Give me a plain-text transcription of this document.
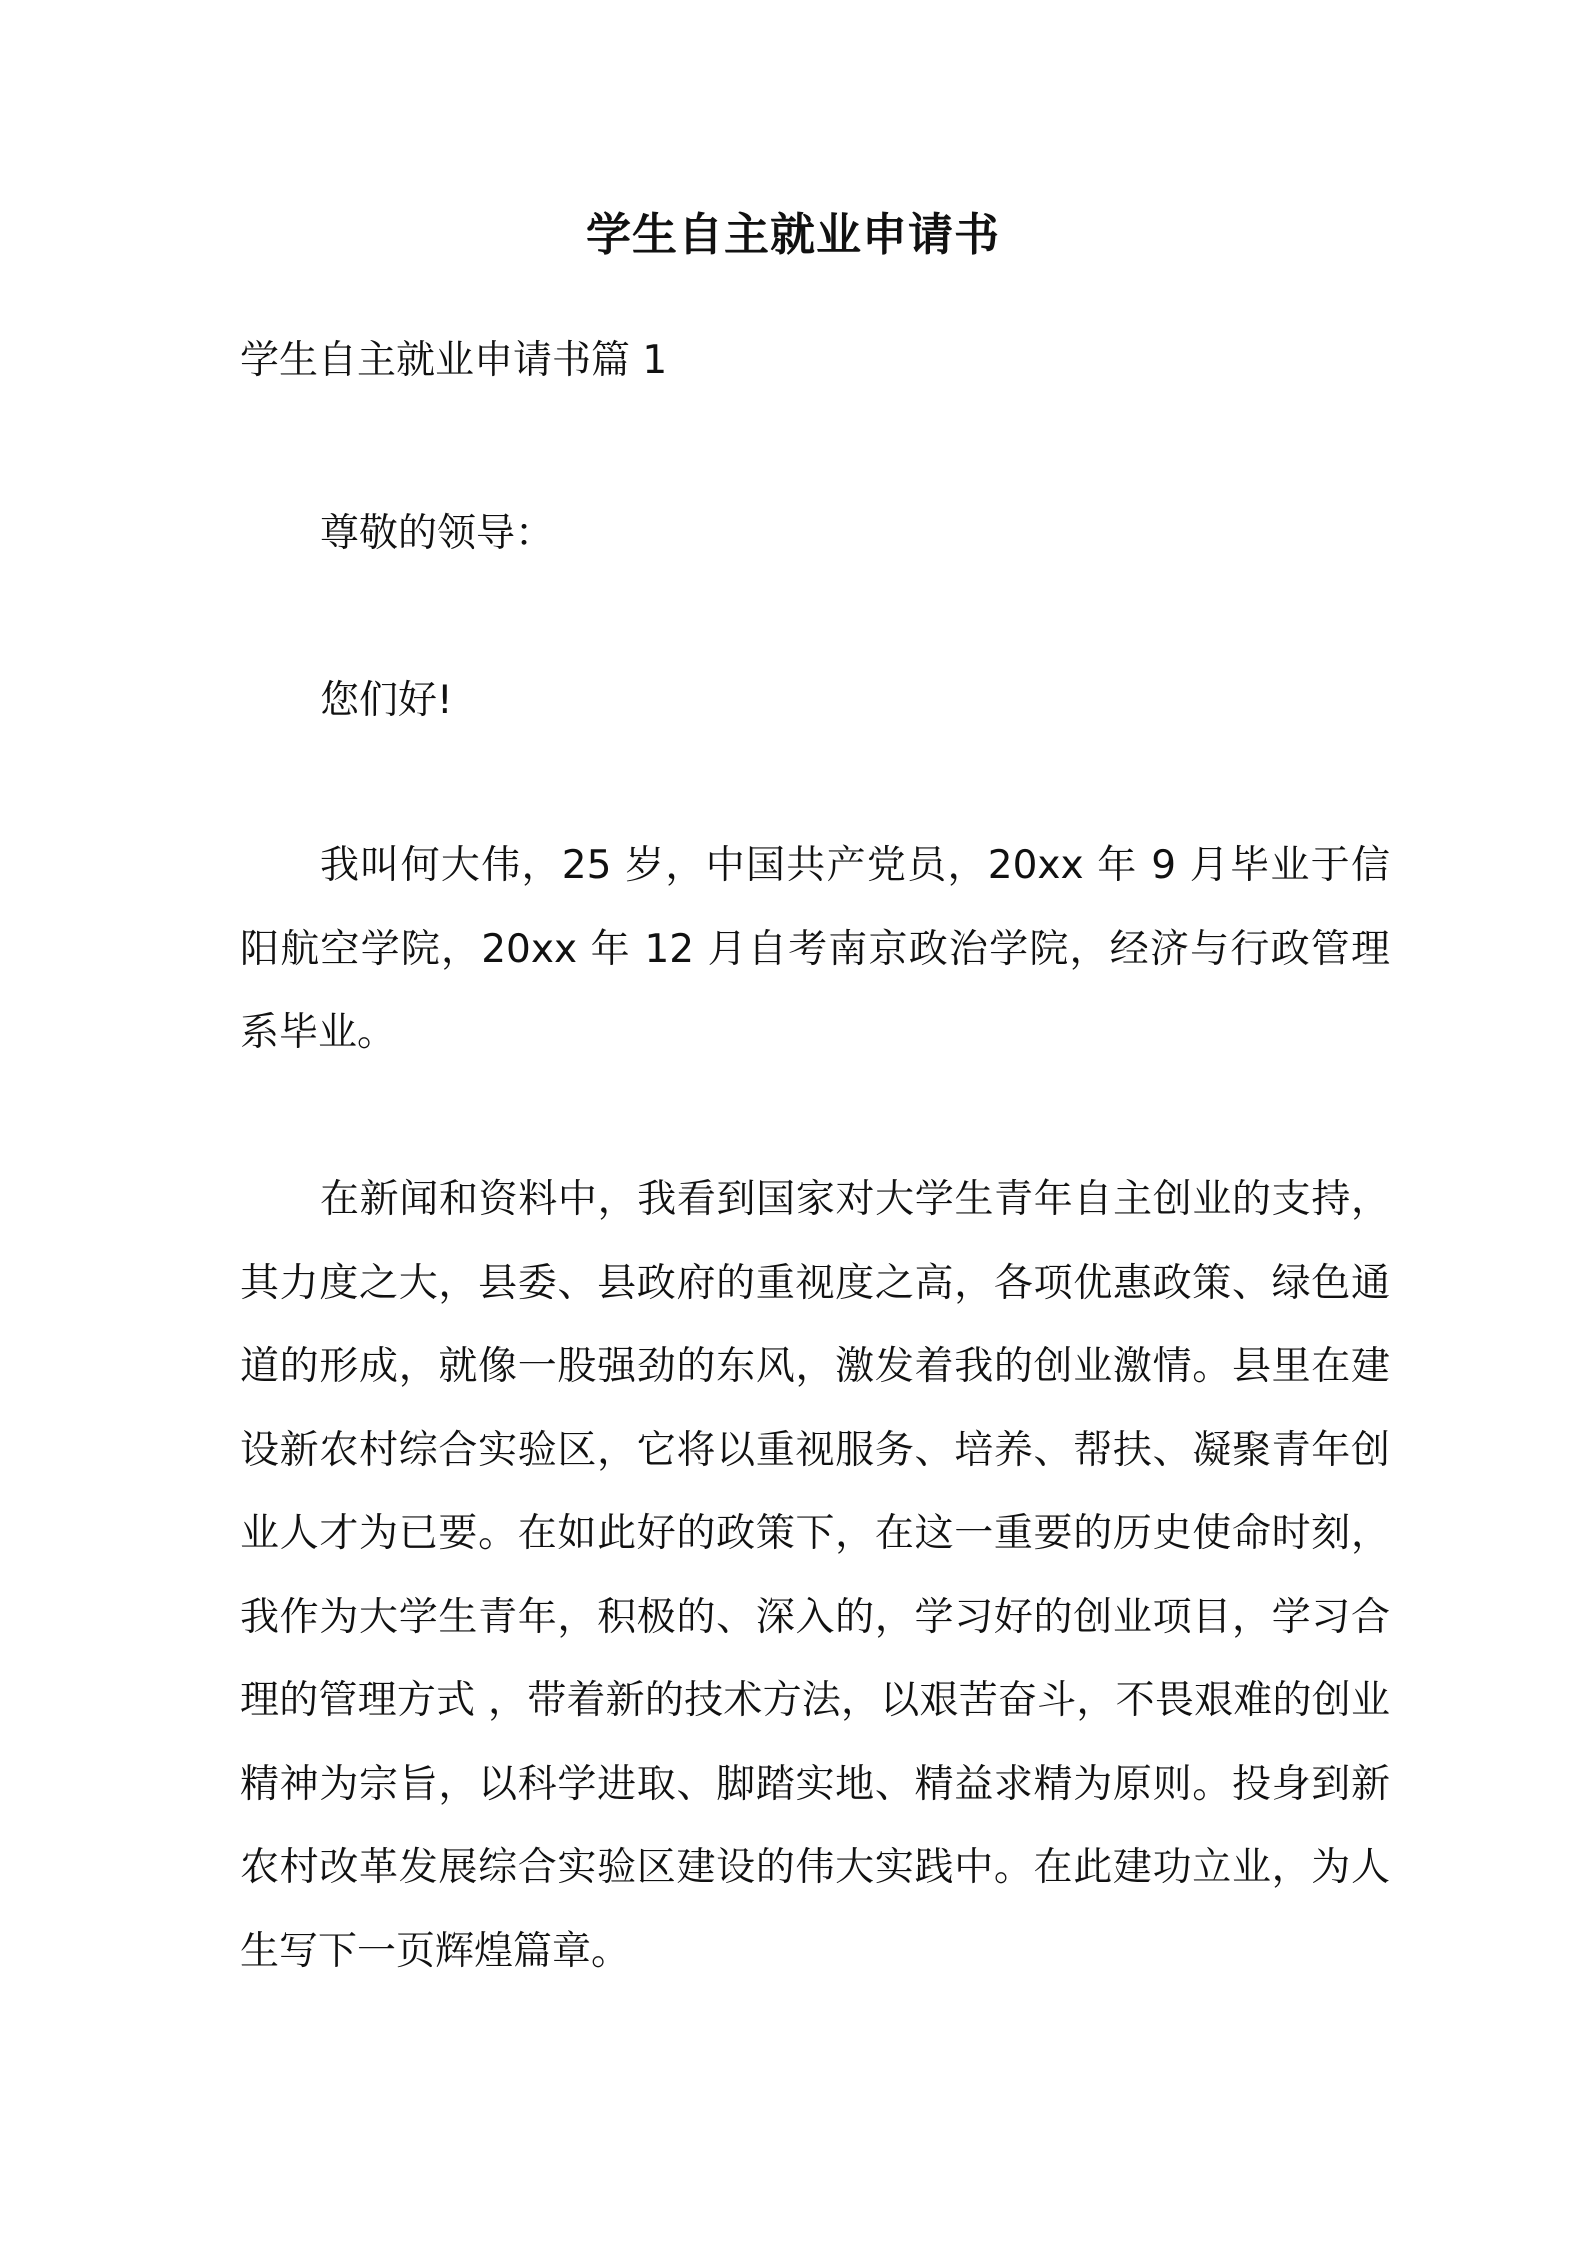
学生自主就业申请书

学生自主就业申请书篇 1

尊敬的领导：

您们好!

我叫何大伟，25 岁，中国共产党员，20xx 年 9 月毕业于信阳航空学院，20xx 年 12 月自考南京政治学院，经济与行政管理系毕业。

在新闻和资料中，我看到国家对大学生青年自主创业的支持，其力度之大，县委、县政府的重视度之高，各项优惠政策、绿色通道的形成，就像一股强劲的东风，激发着我的创业激情。县里在建设新农村综合实验区，它将以重视服务、培养、帮扶、凝聚青年创业人才为已要。在如此好的政策下，在这一重要的历史使命时刻，我作为大学生青年，积极的、深入的，学习好的创业项目，学习合理的管理方式 ，带着新的技术方法，以艰苦奋斗，不畏艰难的创业精神为宗旨，以科学进取、脚踏实地、精益求精为原则。投身到新农村改革发展综合实验区建设的伟大实践中。在此建功立业，为人生写下一页辉煌篇章。
